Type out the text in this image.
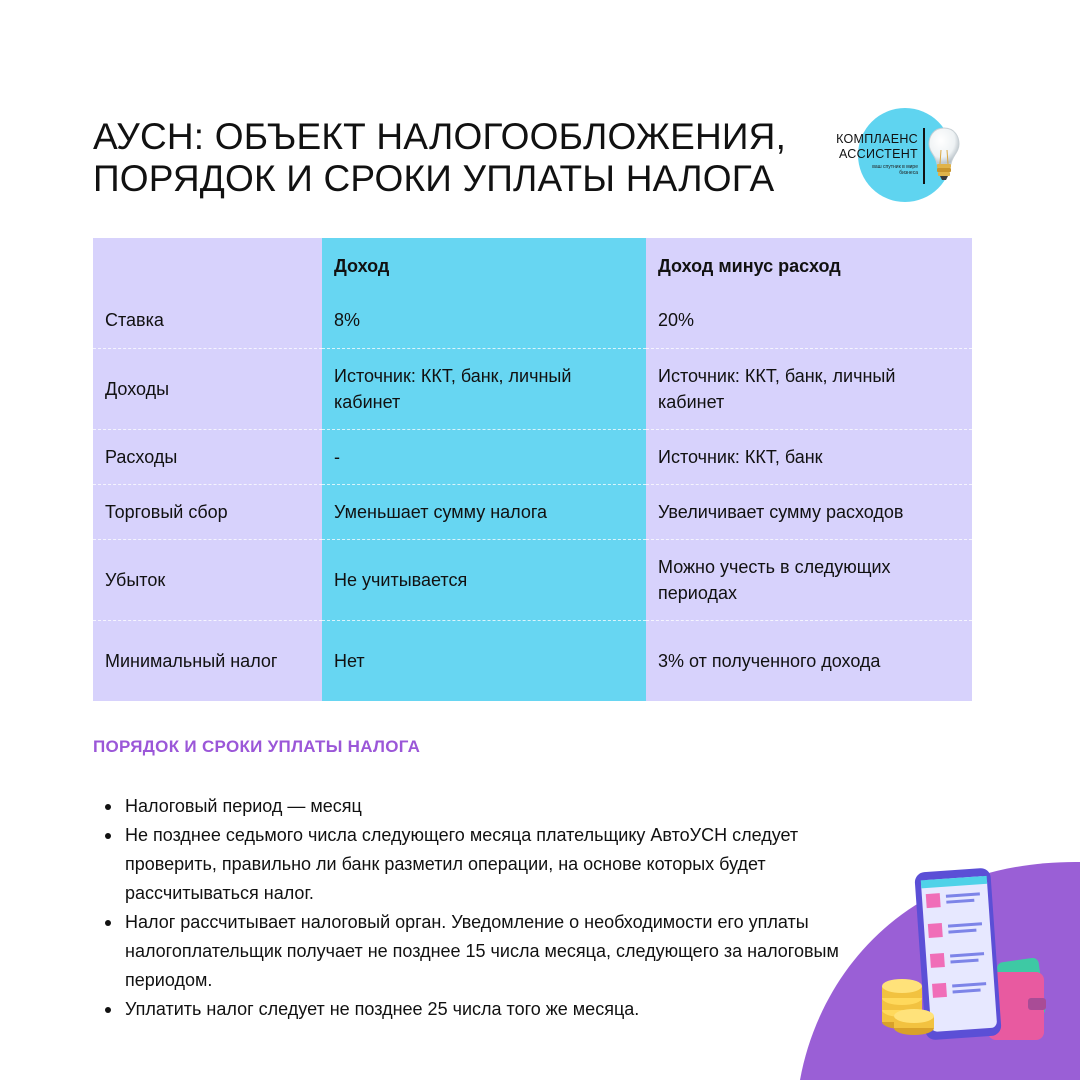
АУСН: ОБЪЕКТ НАЛОГООБЛОЖЕНИЯ,
ПОРЯДОК И СРОКИ УПЛАТЫ НАЛОГА
КОМПЛАЕНС
АССИСТЕНТ
ваш спутник в мире бизнеса
	Доход	Доход минус расход
Ставка	8%	20%
Доходы	Источник: ККТ, банк, личный кабинет	Источник: ККТ, банк, личный кабинет
Расходы	-	Источник: ККТ, банк
Торговый сбор	Уменьшает сумму налога	Увеличивает сумму расходов
Убыток	Не учитывается	Можно учесть в следующих периодах
Минимальный налог	Нет	3% от полученного дохода
ПОРЯДОК И СРОКИ УПЛАТЫ НАЛОГА
Налоговый период — месяц
Не позднее седьмого числа следующего месяца плательщику АвтоУСН следует проверить, правильно ли банк разметил операции, на основе которых будет рассчитываться налог.
Налог рассчитывает налоговый орган. Уведомление о необходимости его уплаты налогоплательщик получает не позднее 15 числа месяца, следующего за налоговым периодом.
Уплатить налог следует не позднее 25 числа того же месяца.
